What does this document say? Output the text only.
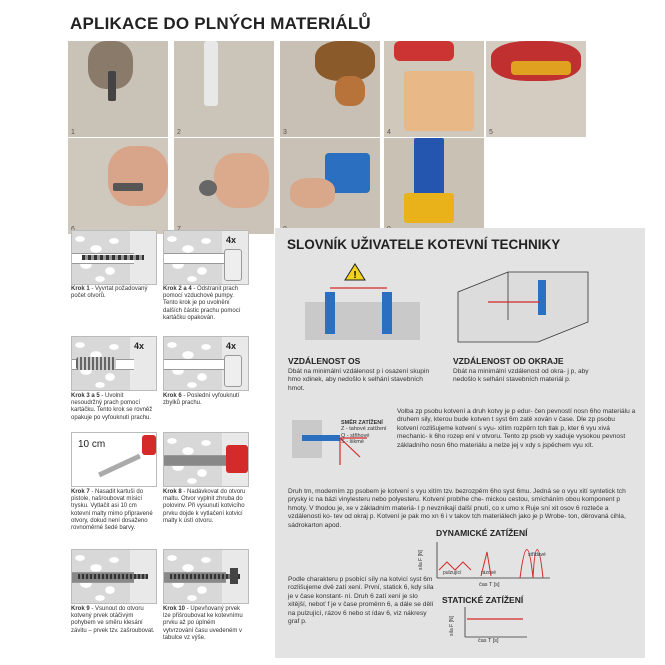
APLIKACE DO PLNÝCH MATERIÁLŮ
1	2	3	4	5
Krok 1 - Vyvrtat požadovaný počet otvorů.
4x
Krok 2 a 4 - Odstranit prach pomocí vzduchové pumpy. Tento krok je po uvolnění dalších částic prachu pomocí kartáčku opakován.
4x
Krok 3 a 5 - Uvolnit nesoudržný prach pomocí kartáčku. Tento krok se rovněž opakuje po vyfouknutí prachu.
4x
Krok 6 - Poslední vyfouknutí zbylků prachu.
10 cm
Krok 7 - Nasadit kartuši do pistole, našroubovat mísicí trysku. Vytlačit asi 10 cm kotevní malty mimo připravené otvory, dokud není dosaženo rovnoměrné šedé barvy.
Krok 8 - Nadávkovat do otvoru maltu. Otvor vyplnit zhruba do polovinv. Při vysunutí kotvicího prvku dojde k vytlačení kotvicí malty k ústí otvoru.
Krok 9 - Vsunout do otvoru kotvený prvek otáčivým pohybem ve směru klesání závitu – prvek tzv. zašroubovat.
Krok 10 - Upevňovaný prvek lze přišroubovat ke kotevnímu prvku až po úplném vytvrzování času uvedeném v tabulce vz výše.
SLOVNÍK UŽIVATELE KOTEVNÍ TECHNIKY
!
VZDÁLENOST OS
Dbát na minimální vzdálenost p i osazení skupin hmo xdinek, aby nedošlo k selhání stavebních hmot.
VZDÁLENOST OD OKRAJE
Dbát na minimální vzdálenost od okra- j p, aby nedošlo k selhání stavebních materiál p.
SMĚR ZATÍŽENÍ
Z - tahové zatížení
Q - střihové
S - šikmé
Volba zp psobu kotvení a druh kotvy je p edur- čen pevností nosn 6ho materiálu a druhem sily, kterou bude kotven t syst 6m zatě xován v čase. Dle zp psobu kotvení rozlišujeme kotvení s vyu- xitím rozpěrn tch tlak p, kter 6 vyu xivá mechanic- k 6ho rozep ení v otvoru. Tento zp psob vy xaduje vysokou pevnost základního nosn 6ho materiálu a nelze jej v xdy s jspěchem vyu xít.
Druh tm, moderním zp psobem je kotvení s vyu xitím tzv. bezrozpěrn 6ho syst 6mu. Jedná se o vyu xití syntetick tch prysky ic na bázi vinylesteru nebo polyesteru. Kotvení probíhe che- mickou cestou, smícháním obou komponent p hmoty. V thodou je, xe v základním materiá- l p nevznikají další pnutí, co x umo x Ruje sní xit osov 6 rozteče a vzdálenosti ko- tev od okraj p. Kotvení je pak mo xn 6 i v takov tch materiálech jako je p Wrobe- ton, děrovaná cihla, sádrokarton apod.
DYNAMICKÉ ZATÍŽENÍ
pulzující	rázové
střídavé
čas T [s]
síla F [N]
Podle charakteru p psobící síly na kotvicí syst 6m rozlišujeme dvě zatí xení. První, statick 6, kdy síla je v čase konstant- ní. Druh 6 zatí xení je slo xitější, neboť f je v čase proměnn 6, a dále se dělí na pulzující, rázov 6 nebo st ídav 6, viz nákresy graf p.
STATICKÉ ZATÍŽENÍ
čas T [s]
síla F [N]
